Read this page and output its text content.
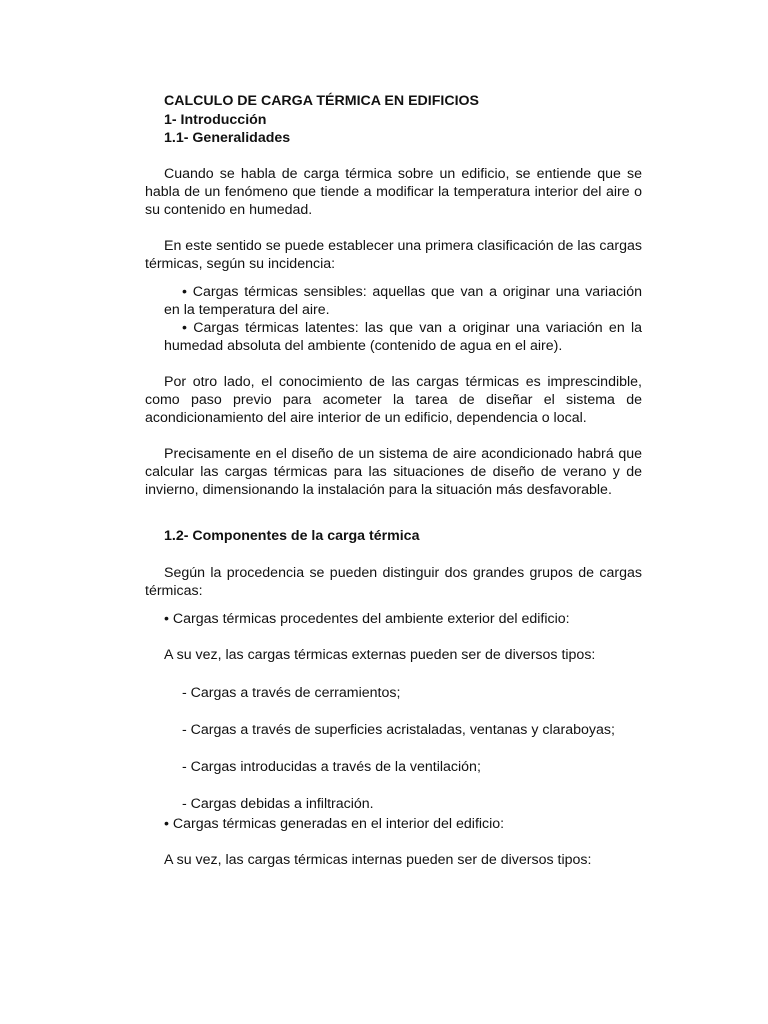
CALCULO DE CARGA TÉRMICA EN EDIFICIOS

1- Introducción

1.1- Generalidades

Cuando se habla de carga térmica sobre un edificio, se entiende que se habla de un fenómeno que tiende a modificar la temperatura interior del aire o su contenido en humedad.

En este sentido se puede establecer una primera clasificación de las cargas térmicas, según su incidencia:

• Cargas térmicas sensibles: aquellas que van a originar una variación en la temperatura del aire.

• Cargas térmicas latentes: las que van a originar una variación en la humedad absoluta del ambiente (contenido de agua en el aire).

Por otro lado, el conocimiento de las cargas térmicas es imprescindible, como paso previo para acometer la tarea de diseñar el sistema de acondicionamiento del aire interior de un edificio, dependencia o local.

Precisamente en el diseño de un sistema de aire acondicionado habrá que calcular las cargas térmicas para las situaciones de diseño de verano y de invierno, dimensionando la instalación para la situación más desfavorable.

1.2- Componentes de la carga térmica

Según la procedencia se pueden distinguir dos grandes grupos de cargas térmicas:

• Cargas térmicas procedentes del ambiente exterior del edificio:

A su vez, las cargas térmicas externas pueden ser de diversos tipos:

- Cargas a través de cerramientos;

- Cargas a través de superficies acristaladas, ventanas y claraboyas;

- Cargas introducidas a través de la ventilación;

- Cargas debidas a infiltración.

• Cargas térmicas generadas en el interior del edificio:

A su vez, las cargas térmicas internas pueden ser de diversos tipos:
